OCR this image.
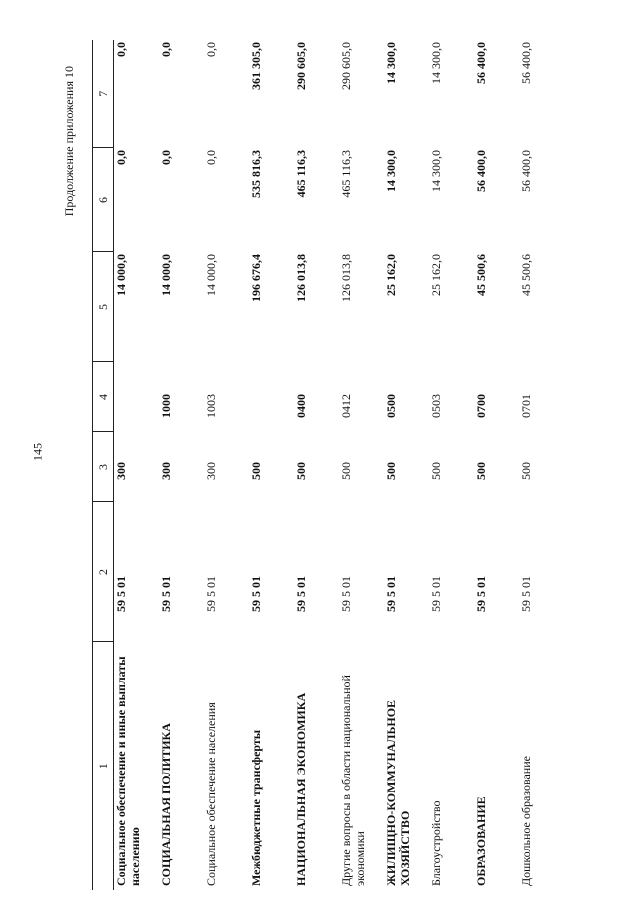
145
Продолжение приложения 10
1	2	3	4	5	6	7
Социальное обеспечение и иные выплаты населению	59 5 01	300		14 000,0	0,0	0,0
СОЦИАЛЬНАЯ ПОЛИТИКА	59 5 01	300	1000	14 000,0	0,0	0,0
Социальное обеспечение населения	59 5 01	300	1003	14 000,0	0,0	0,0
Межбюджетные трансферты	59 5 01	500		196 676,4	535 816,3	361 305,0
НАЦИОНАЛЬНАЯ ЭКОНОМИКА	59 5 01	500	0400	126 013,8	465 116,3	290 605,0
Другие вопросы в области национальной экономики	59 5 01	500	0412	126 013,8	465 116,3	290 605,0
ЖИЛИЩНО-КОММУНАЛЬНОЕ ХОЗЯЙСТВО	59 5 01	500	0500	25 162,0	14 300,0	14 300,0
Благоустройство	59 5 01	500	0503	25 162,0	14 300,0	14 300,0
ОБРАЗОВАНИЕ	59 5 01	500	0700	45 500,6	56 400,0	56 400,0
Дошкольное образование	59 5 01	500	0701	45 500,6	56 400,0	56 400,0
